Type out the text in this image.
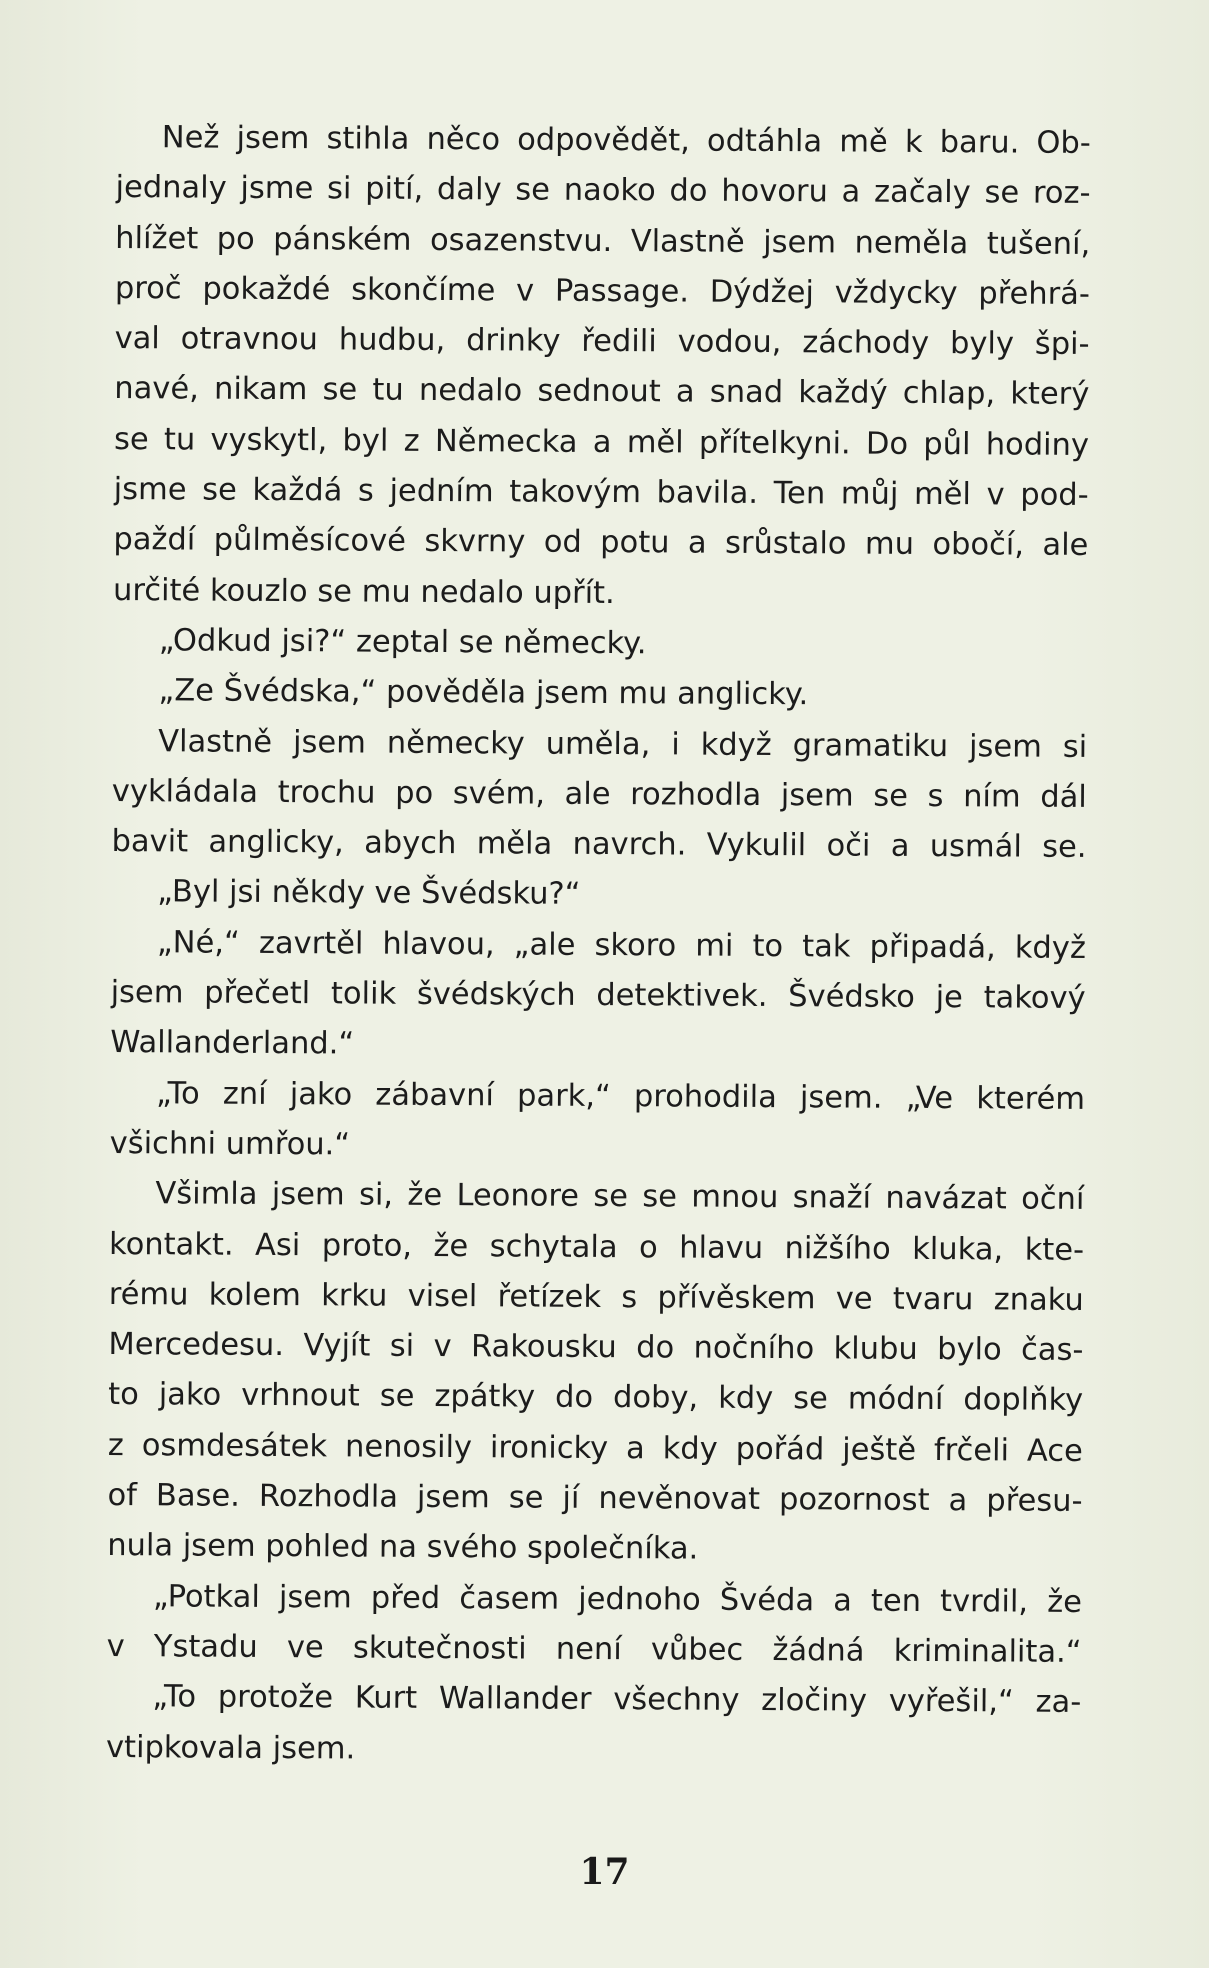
Než jsem stihla něco odpovědět, odtáhla mě k baru. Ob-
jednaly jsme si pití, daly se naoko do hovoru a začaly se roz-
hlížet po pánském osazenstvu. Vlastně jsem neměla tušení,
proč pokaždé skončíme v Passage. Dýdžej vždycky přehrá-
val otravnou hudbu, drinky ředili vodou, záchody byly špi-
navé, nikam se tu nedalo sednout a snad každý chlap, který
se tu vyskytl, byl z Německa a měl přítelkyni. Do půl hodiny
jsme se každá s jedním takovým bavila. Ten můj měl v pod-
paždí půlměsícové skvrny od potu a srůstalo mu obočí, ale
určité kouzlo se mu nedalo upřít.
„Odkud jsi?“ zeptal se německy.
„Ze Švédska,“ pověděla jsem mu anglicky.
Vlastně jsem německy uměla, i když gramatiku jsem si
vykládala trochu po svém, ale rozhodla jsem se s ním dál
bavit anglicky, abych měla navrch. Vykulil oči a usmál se.
„Byl jsi někdy ve Švédsku?“
„Né,“ zavrtěl hlavou, „ale skoro mi to tak připadá, když
jsem přečetl tolik švédských detektivek. Švédsko je takový
Wallanderland.“
„To zní jako zábavní park,“ prohodila jsem. „Ve kterém
všichni umřou.“
Všimla jsem si, že Leonore se se mnou snaží navázat oční
kontakt. Asi proto, že schytala o hlavu nižšího kluka, kte-
rému kolem krku visel řetízek s přívěskem ve tvaru znaku
Mercedesu. Vyjít si v Rakousku do nočního klubu bylo čas-
to jako vrhnout se zpátky do doby, kdy se módní doplňky
z osmdesátek nenosily ironicky a kdy pořád ještě frčeli Ace
of Base. Rozhodla jsem se jí nevěnovat pozornost a přesu-
nula jsem pohled na svého společníka.
„Potkal jsem před časem jednoho Švéda a ten tvrdil, že
v Ystadu ve skutečnosti není vůbec žádná kriminalita.“
„To protože Kurt Wallander všechny zločiny vyřešil,“ za-
vtipkovala jsem.
17
